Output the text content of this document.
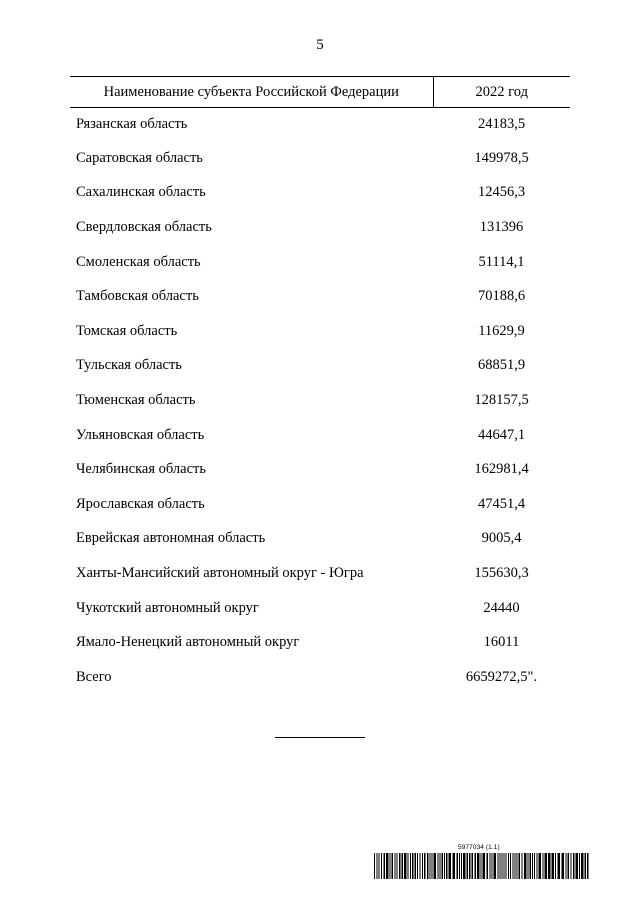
5
Наименование субъекта Российской Федерации	2022 год
Рязанская область	24183,5
Саратовская область	149978,5
Сахалинская область	12456,3
Свердловская область	131396
Смоленская область	51114,1
Тамбовская область	70188,6
Томская область	11629,9
Тульская область	68851,9
Тюменская область	128157,5
Ульяновская область	44647,1
Челябинская область	162981,4
Ярославская область	47451,4
Еврейская автономная область	9005,4
Ханты-Мансийский автономный округ - Югра	155630,3
Чукотский автономный округ	24440
Ямало-Ненецкий автономный округ	16011
Всего	6659272,5".
5977034 (1.1)
